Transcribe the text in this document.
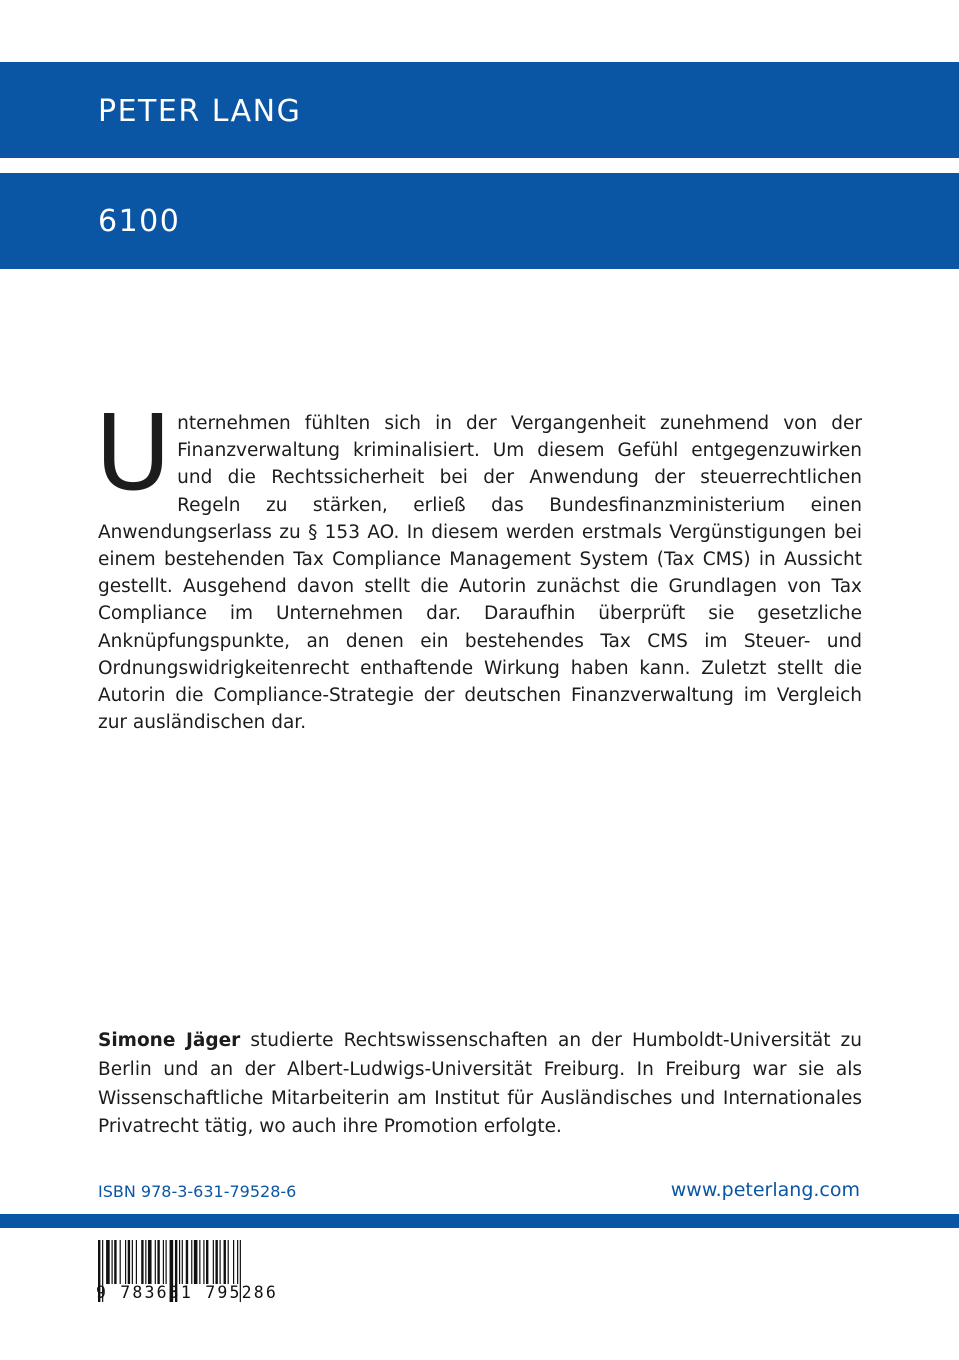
PETER LANG
6100

Unternehmen fühlten sich in der Vergangenheit zunehmend von der Finanzverwaltung kriminalisiert. Um diesem Gefühl entgegenzuwirken und die Rechtssicherheit bei der Anwendung der steuerrechtlichen Regeln zu stärken, erließ das Bundesfinanzministerium einen Anwendungserlass zu § 153 AO. In diesem werden erstmals Vergünstigungen bei einem bestehenden Tax Compliance Management System (Tax CMS) in Aussicht gestellt. Ausgehend davon stellt die Autorin zunächst die Grundlagen von Tax Compliance im Unternehmen dar. Daraufhin überprüft sie gesetzliche Anknüpfungspunkte, an denen ein bestehendes Tax CMS im Steuer- und Ordnungswidrigkeitenrecht enthaftende Wirkung haben kann. Zuletzt stellt die Autorin die Compliance-Strategie der deutschen Finanzverwaltung im Vergleich zur ausländischen dar.

Simone Jäger studierte Rechtswissenschaften an der Humboldt-Universität zu Berlin und an der Albert-Ludwigs-Universität Freiburg. In Freiburg war sie als Wissenschaftliche Mitarbeiterin am Institut für Ausländisches und Internationales Privatrecht tätig, wo auch ihre Promotion erfolgte.

ISBN 978-3-631-79528-6	www.peterlang.com
9 783631 795286
